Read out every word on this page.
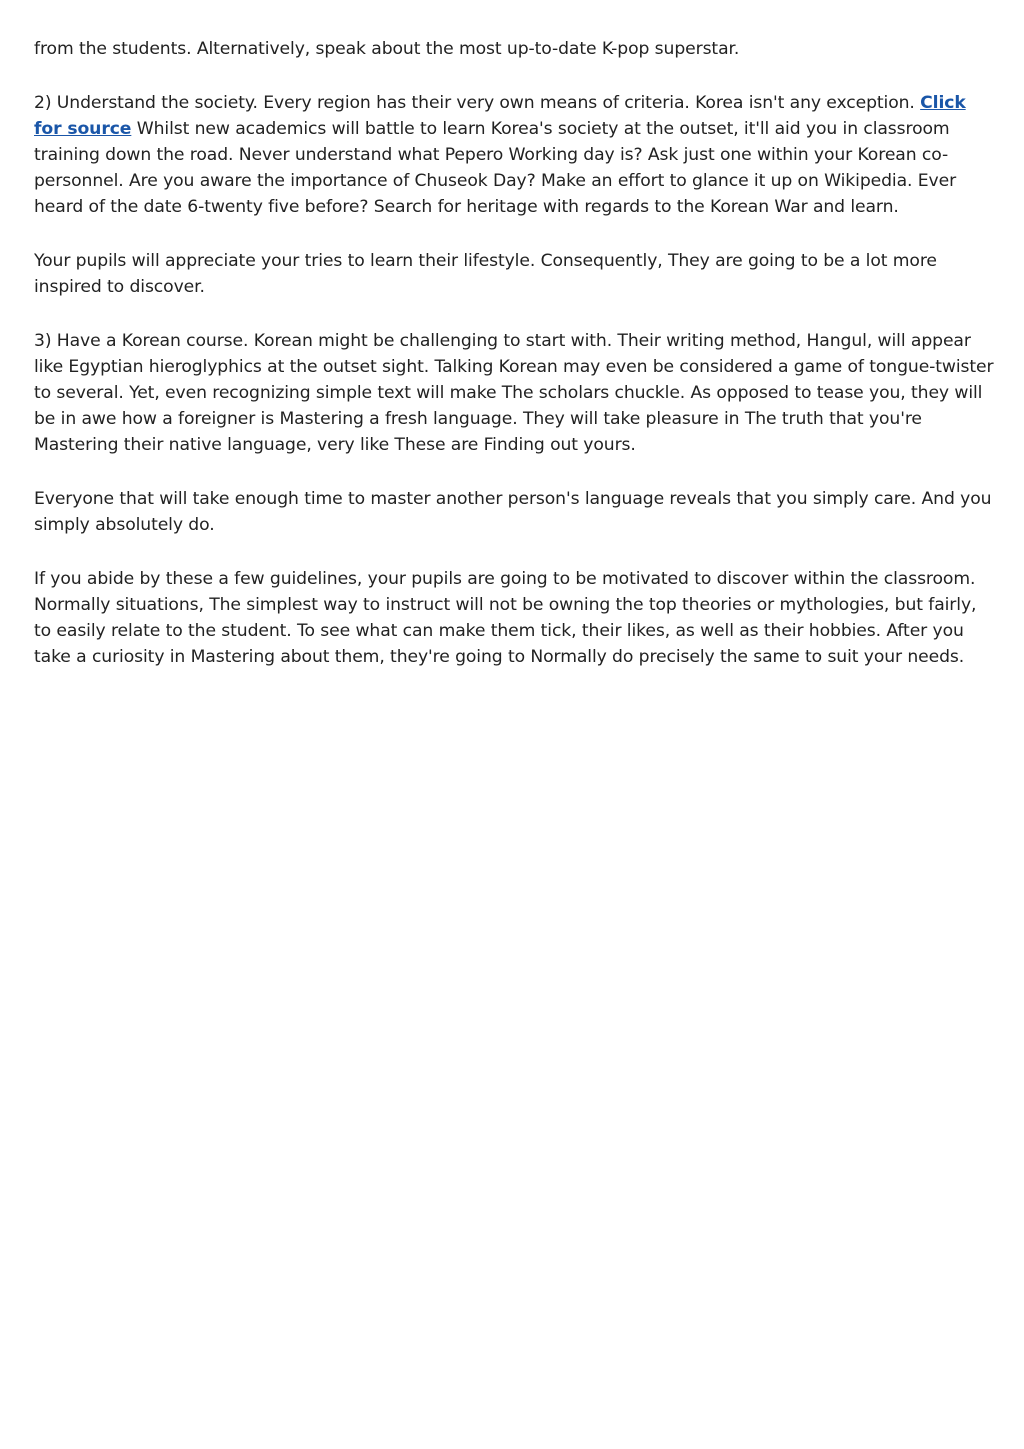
from the students. Alternatively, speak about the most up-to-date K-pop superstar.

2) Understand the society. Every region has their very own means of criteria. Korea isn't any exception. Click for source Whilst new academics will battle to learn Korea's society at the outset, it'll aid you in classroom training down the road. Never understand what Pepero Working day is? Ask just one within your Korean co-personnel. Are you aware the importance of Chuseok Day? Make an effort to glance it up on Wikipedia. Ever heard of the date 6-twenty five before? Search for heritage with regards to the Korean War and learn.

Your pupils will appreciate your tries to learn their lifestyle. Consequently, They are going to be a lot more inspired to discover.

3) Have a Korean course. Korean might be challenging to start with. Their writing method, Hangul, will appear like Egyptian hieroglyphics at the outset sight. Talking Korean may even be considered a game of tongue-twister to several. Yet, even recognizing simple text will make The scholars chuckle. As opposed to tease you, they will be in awe how a foreigner is Mastering a fresh language. They will take pleasure in The truth that you're Mastering their native language, very like These are Finding out yours.

Everyone that will take enough time to master another person's language reveals that you simply care. And you simply absolutely do.

If you abide by these a few guidelines, your pupils are going to be motivated to discover within the classroom. Normally situations, The simplest way to instruct will not be owning the top theories or mythologies, but fairly, to easily relate to the student. To see what can make them tick, their likes, as well as their hobbies. After you take a curiosity in Mastering about them, they're going to Normally do precisely the same to suit your needs.
